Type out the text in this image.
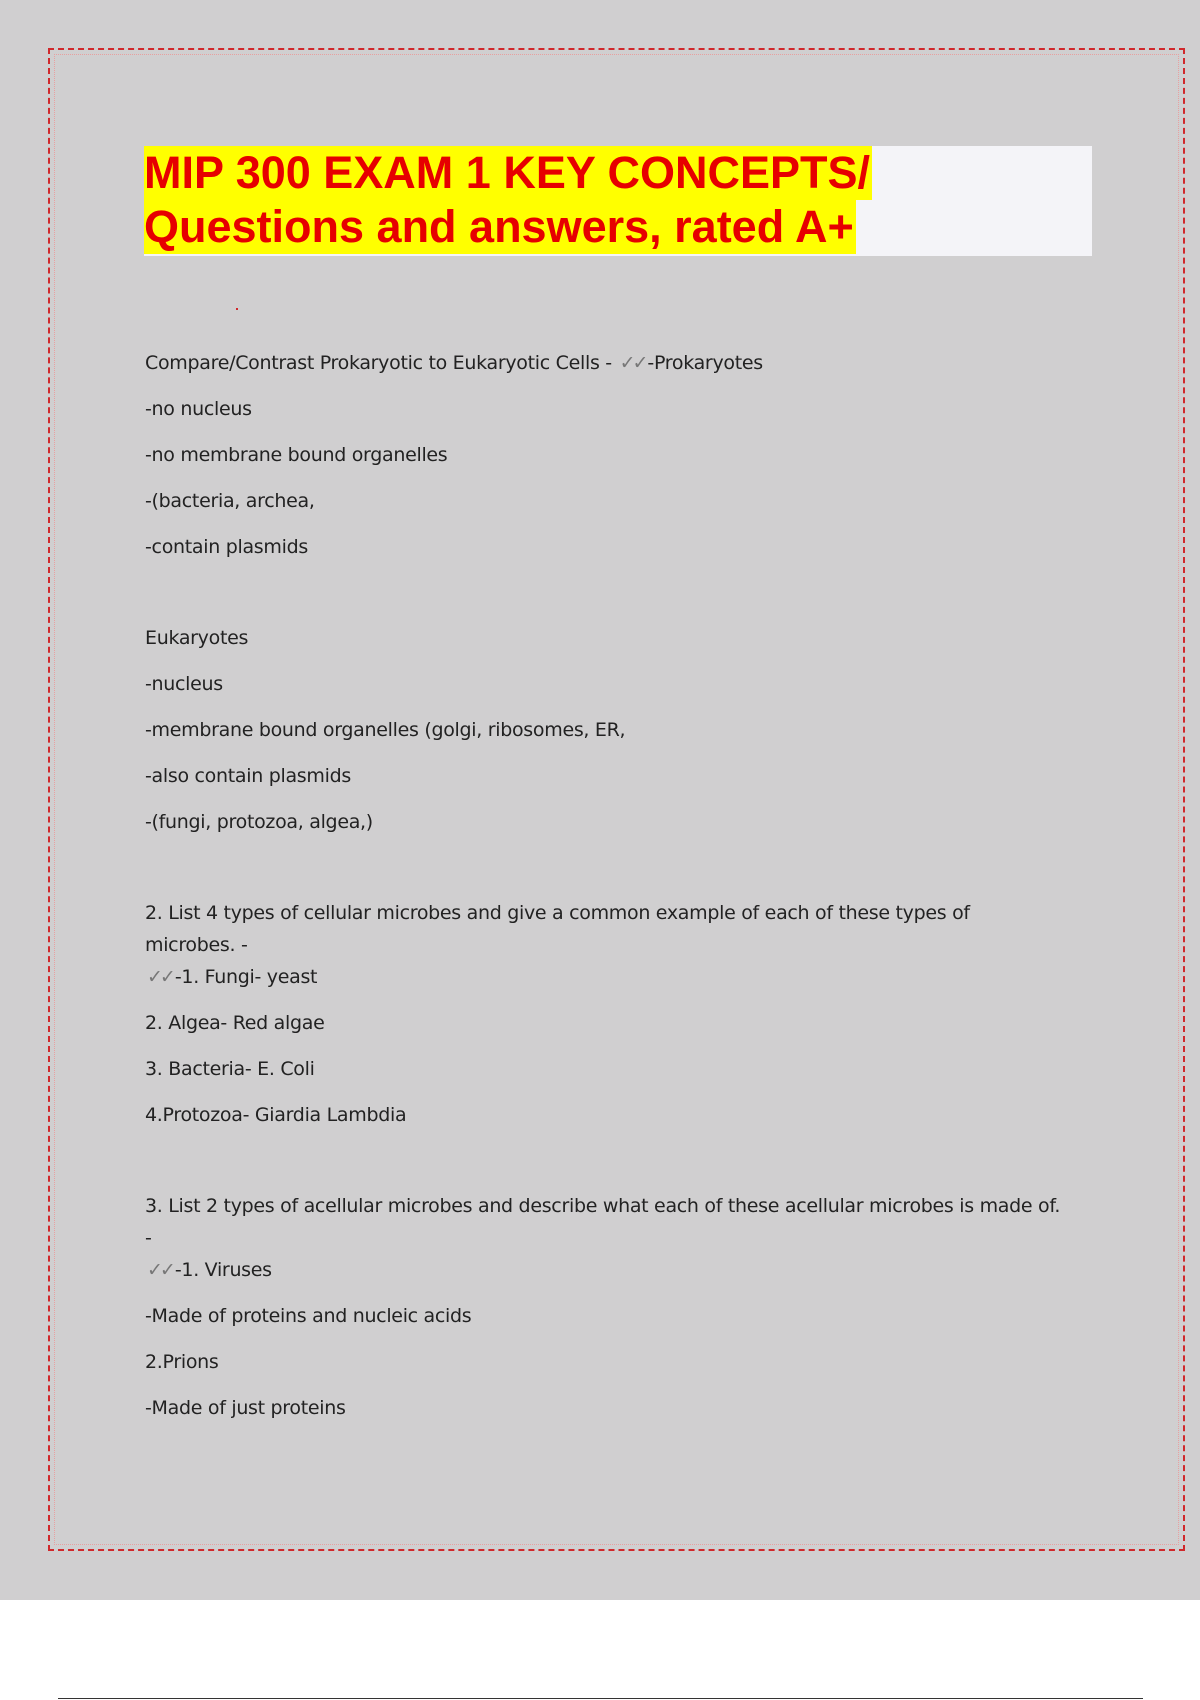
MIP 300 EXAM 1 KEY CONCEPTS/
Questions and answers, rated A+
Compare/Contrast Prokaryotic to Eukaryotic Cells - ✓✓ -Prokaryotes
-no nucleus
-no membrane bound organelles
-(bacteria, archea,
-contain plasmids
Eukaryotes
-nucleus
-membrane bound organelles (golgi, ribosomes, ER,
-also contain plasmids
-(fungi, protozoa, algea,)
2. List 4 types of cellular microbes and give a common example of each of these types of microbes. -
✓✓ -1. Fungi- yeast
2. Algea- Red algae
3. Bacteria- E. Coli
4.Protozoa- Giardia Lambdia
3. List 2 types of acellular microbes and describe what each of these acellular microbes is made of. -
✓✓ -1. Viruses
-Made of proteins and nucleic acids
2.Prions
-Made of just proteins
